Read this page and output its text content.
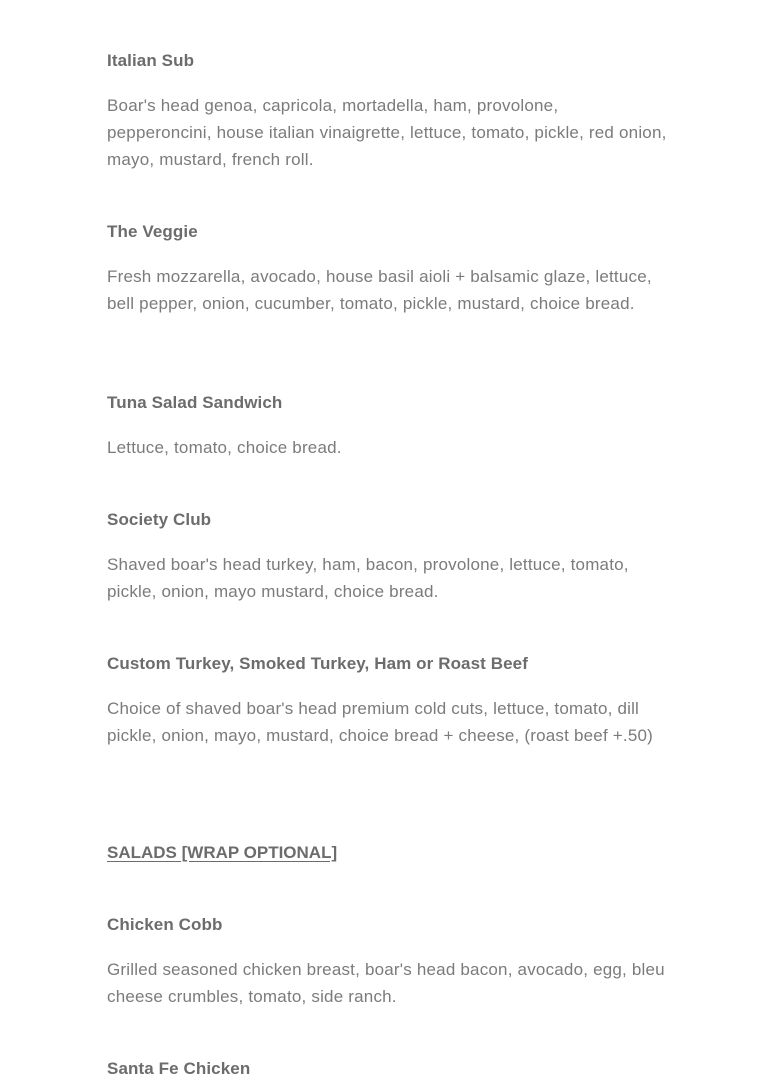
Italian Sub
Boar's head genoa, capricola, mortadella, ham, provolone, pepperoncini, house italian vinaigrette, lettuce, tomato, pickle, red onion, mayo, mustard, french roll.
The Veggie
Fresh mozzarella, avocado, house basil aioli + balsamic glaze, lettuce, bell pepper, onion, cucumber, tomato, pickle, mustard, choice bread.
Tuna Salad Sandwich
Lettuce, tomato, choice bread.
Society Club
Shaved boar's head turkey, ham, bacon, provolone, lettuce, tomato, pickle, onion, mayo mustard, choice bread.
Custom Turkey, Smoked Turkey, Ham or Roast Beef
Choice of shaved boar's head premium cold cuts, lettuce, tomato, dill pickle, onion, mayo, mustard, choice bread + cheese, (roast beef +.50)
SALADS [WRAP OPTIONAL]
Chicken Cobb
Grilled seasoned chicken breast, boar's head bacon, avocado, egg, bleu cheese crumbles, tomato, side ranch.
Santa Fe Chicken
